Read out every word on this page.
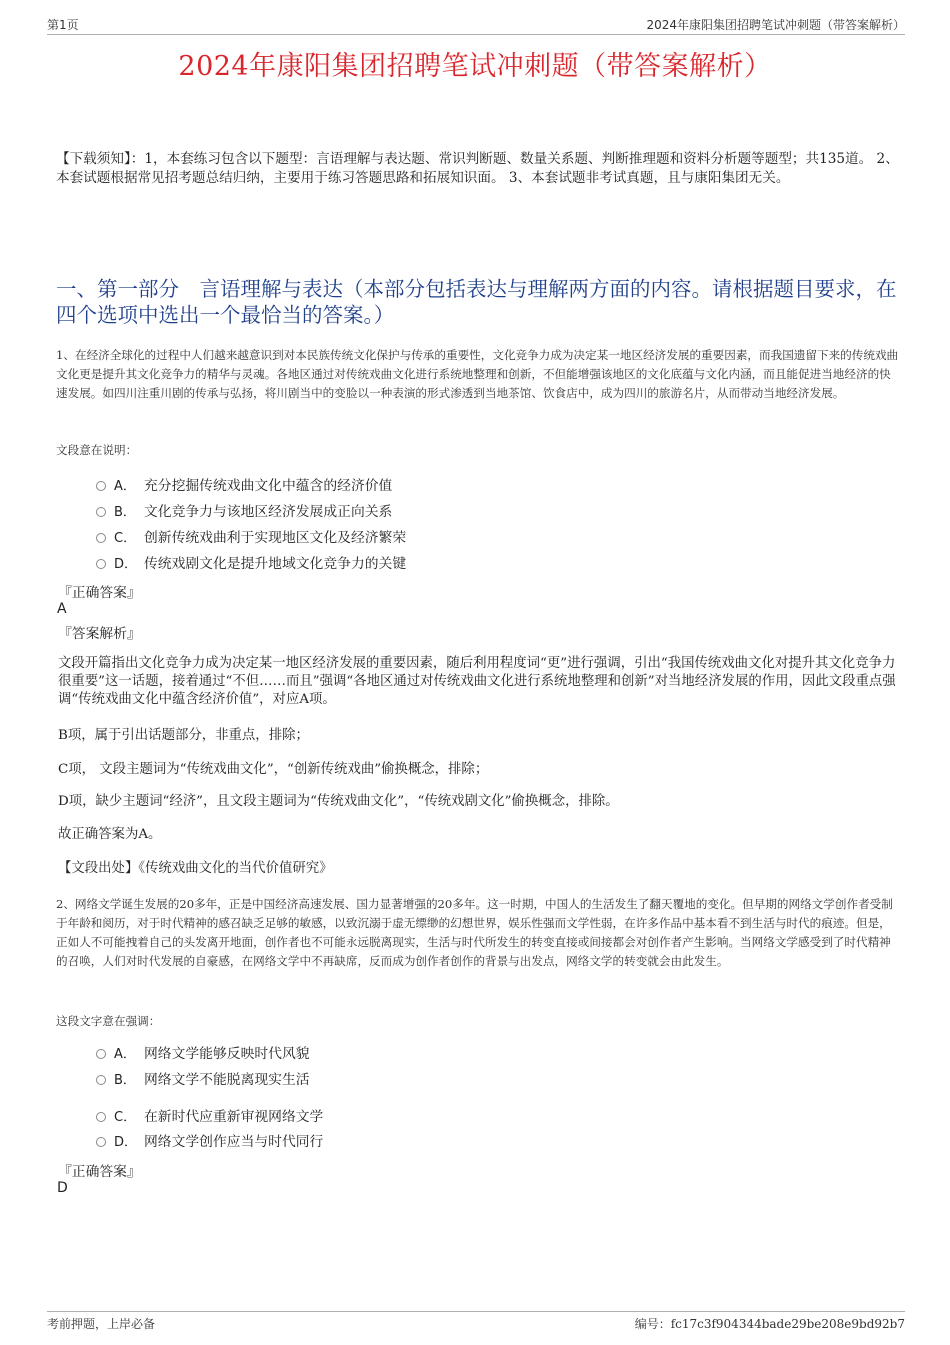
第1页	2024年康阳集团招聘笔试冲刺题（带答案解析）
2024年康阳集团招聘笔试冲刺题（带答案解析）
【下载须知】：1，本套练习包含以下题型：言语理解与表达题、常识判断题、数量关系题、判断推理题和资料分析题等题型；共135道。 2、本套试题根据常见招考题总结归纳，主要用于练习答题思路和拓展知识面。 3、本套试题非考试真题，且与康阳集团无关。
一、第一部分　言语理解与表达（本部分包括表达与理解两方面的内容。请根据题目要求，在四个选项中选出一个最恰当的答案。）
1、在经济全球化的过程中人们越来越意识到对本民族传统文化保护与传承的重要性，文化竞争力成为决定某一地区经济发展的重要因素，而我国遗留下来的传统戏曲文化更是提升其文化竞争力的精华与灵魂。各地区通过对传统戏曲文化进行系统地整理和创新，不但能增强该地区的文化底蕴与文化内涵，而且能促进当地经济的快速发展。如四川注重川剧的传承与弘扬，将川剧当中的变脸以一种表演的形式渗透到当地茶馆、饮食店中，成为四川的旅游名片，从而带动当地经济发展。
文段意在说明：
A． 充分挖掘传统戏曲文化中蕴含的经济价值
B． 文化竞争力与该地区经济发展成正向关系
C． 创新传统戏曲利于实现地区文化及经济繁荣
D． 传统戏剧文化是提升地域文化竞争力的关键
『正确答案』
A
『答案解析』
文段开篇指出文化竞争力成为决定某一地区经济发展的重要因素，随后利用程度词“更”进行强调，引出“我国传统戏曲文化对提升其文化竞争力很重要”这一话题，接着通过“不但……而且”强调“各地区通过对传统戏曲文化进行系统地整理和创新”对当地经济发展的作用，因此文段重点强调“传统戏曲文化中蕴含经济价值”，对应A项。
B项，属于引出话题部分，非重点，排除；
C项， 文段主题词为“传统戏曲文化”，“创新传统戏曲”偷换概念，排除；
D项，缺少主题词“经济”，且文段主题词为“传统戏曲文化”，“传统戏剧文化”偷换概念，排除。
故正确答案为A。
【文段出处】《传统戏曲文化的当代价值研究》
2、网络文学诞生发展的20多年，正是中国经济高速发展、国力显著增强的20多年。这一时期，中国人的生活发生了翻天覆地的变化。但早期的网络文学创作者受制于年龄和阅历，对于时代精神的感召缺乏足够的敏感，以致沉溺于虚无缥缈的幻想世界，娱乐性强而文学性弱，在许多作品中基本看不到生活与时代的痕迹。但是，正如人不可能拽着自己的头发离开地面，创作者也不可能永远脱离现实，生活与时代所发生的转变直接或间接都会对创作者产生影响。当网络文学感受到了时代精神的召唤，人们对时代发展的自豪感，在网络文学中不再缺席，反而成为创作者创作的背景与出发点，网络文学的转变就会由此发生。
这段文字意在强调：
A． 网络文学能够反映时代风貌
B． 网络文学不能脱离现实生活
C． 在新时代应重新审视网络文学
D． 网络文学创作应当与时代同行
『正确答案』
D
考前押题，上岸必备	编号：fc17c3f904344bade29be208e9bd92b7
